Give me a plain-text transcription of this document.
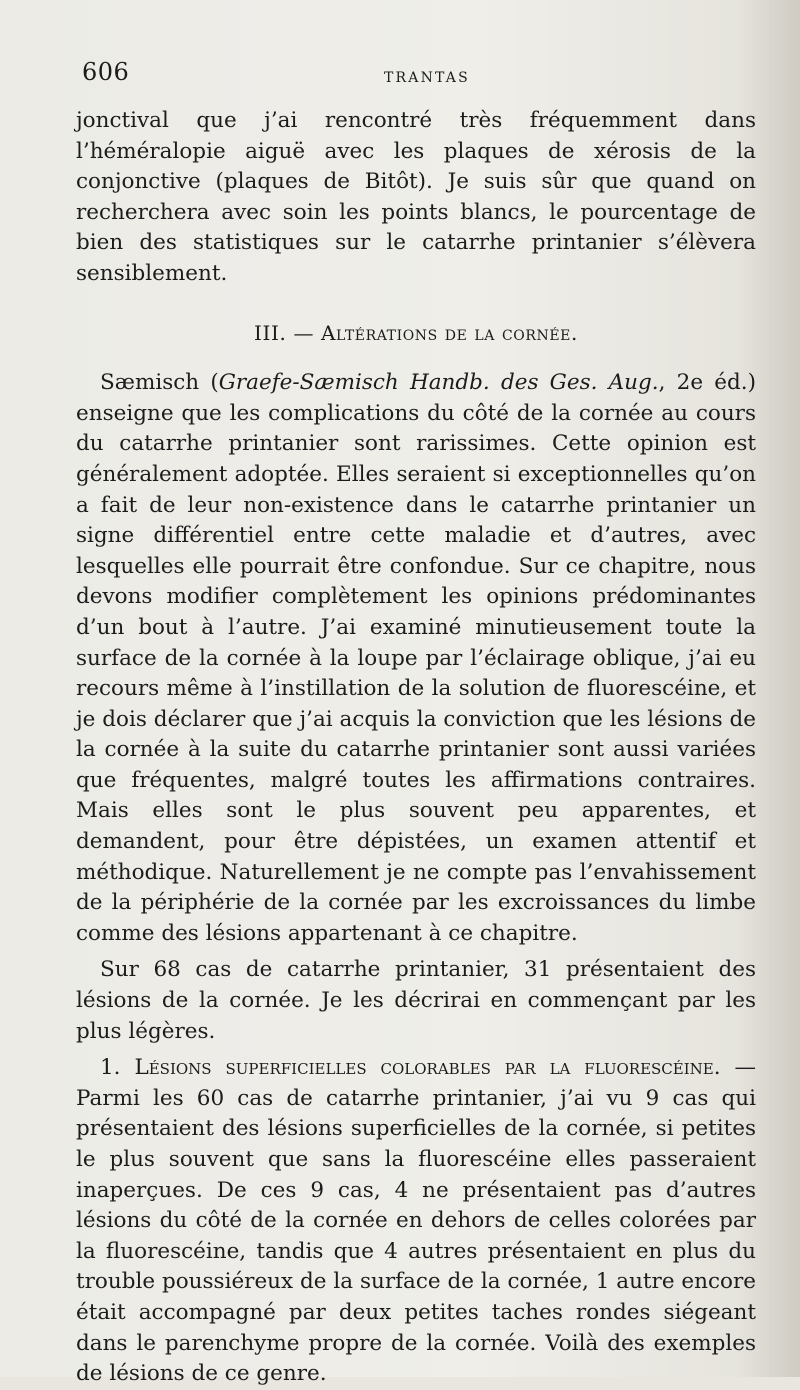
606	TRANTAS

jonctival que j’ai rencontré très fréquemment dans l’héméralopie aiguë avec les plaques de xérosis de la conjonctive (plaques de Bitôt). Je suis sûr que quand on recherchera avec soin les points blancs, le pourcentage de bien des statistiques sur le catarrhe printanier s’élèvera sensiblement.

III. — Altérations de la cornée.

Sæmisch (Graefe-Sæmisch Handb. des Ges. Aug., 2e éd.) enseigne que les complications du côté de la cornée au cours du catarrhe printanier sont rarissimes. Cette opinion est généralement adoptée. Elles seraient si exceptionnelles qu’on a fait de leur non-existence dans le catarrhe printanier un signe différentiel entre cette maladie et d’autres, avec lesquelles elle pourrait être confondue. Sur ce chapitre, nous devons modifier complètement les opinions prédominantes d’un bout à l’autre. J’ai examiné minutieusement toute la surface de la cornée à la loupe par l’éclairage oblique, j’ai eu recours même à l’instillation de la solution de fluorescéine, et je dois déclarer que j’ai acquis la conviction que les lésions de la cornée à la suite du catarrhe printanier sont aussi variées que fréquentes, malgré toutes les affirmations contraires. Mais elles sont le plus souvent peu apparentes, et demandent, pour être dépistées, un examen attentif et méthodique. Naturellement je ne compte pas l’envahissement de la périphérie de la cornée par les excroissances du limbe comme des lésions appartenant à ce chapitre.

Sur 68 cas de catarrhe printanier, 31 présentaient des lésions de la cornée. Je les décrirai en commençant par les plus légères.

1. Lésions superficielles colorables par la fluorescéine. — Parmi les 60 cas de catarrhe printanier, j’ai vu 9 cas qui présentaient des lésions superficielles de la cornée, si petites le plus souvent que sans la fluorescéine elles passeraient inaperçues. De ces 9 cas, 4 ne présentaient pas d’autres lésions du côté de la cornée en dehors de celles colorées par la fluorescéine, tandis que 4 autres présentaient en plus du trouble poussiéreux de la surface de la cornée, 1 autre encore était accompagné par deux petites taches rondes siégeant dans le parenchyme propre de la cornée. Voilà des exemples de lésions de ce genre.
